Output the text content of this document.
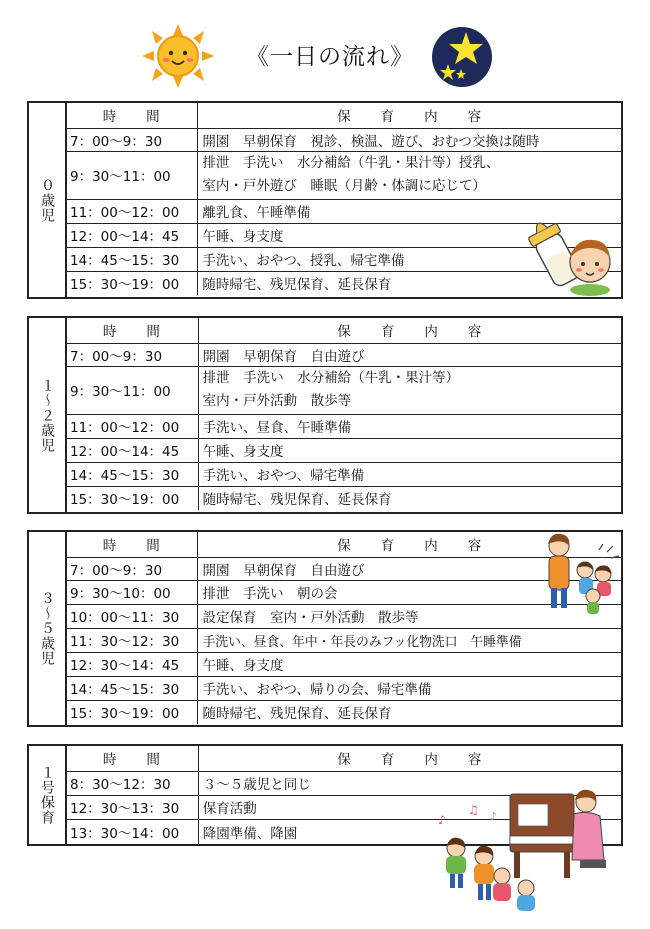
《一日の流れ》
０歳児
時　　間	保　　育　　内　　容
7：00〜9：30	開園　早朝保育　視診、検温、遊び、おむつ交換は随時
9：30〜11：00	排泄　手洗い　水分補給（牛乳・果汁等）授乳、
室内・戸外遊び　睡眠（月齢・体調に応じて）

11：00〜12：00	離乳食、午睡準備
12：00〜14：45	午睡、身支度
14：45〜15：30	手洗い、おやつ、授乳、帰宅準備
15：30〜19：00	随時帰宅、残児保育、延長保育
１〜２歳児
時　　間	保　　育　　内　　容
7：00〜9：30	開園　早朝保育　自由遊び
9：30〜11：00	排泄　手洗い　水分補給（牛乳・果汁等）
室内・戸外活動　散歩等

11：00〜12：00	手洗い、昼食、午睡準備
12：00〜14：45	午睡、身支度
14：45〜15：30	手洗い、おやつ、帰宅準備
15：30〜19：00	随時帰宅、残児保育、延長保育
３〜５歳児
時　　間	保　　育　　内　　容
7：00〜9：30	開園　早朝保育　自由遊び
9：30〜10：00	排泄　手洗い　朝の会
10：00〜11：30	設定保育　室内・戸外活動　散歩等
11：30〜12：30	手洗い、昼食、年中・年長のみフッ化物洗口　午睡準備
12：30〜14：45	午睡、身支度
14：45〜15：30	手洗い、おやつ、帰りの会、帰宅準備
15：30〜19：00	随時帰宅、残児保育、延長保育
１号保育
時　　間	保　　育　　内　　容
8：30〜12：30	３〜５歳児と同じ
12：30〜13：30	保育活動
13：30〜14：00	降園準備、降園
♪
♫ ♪
